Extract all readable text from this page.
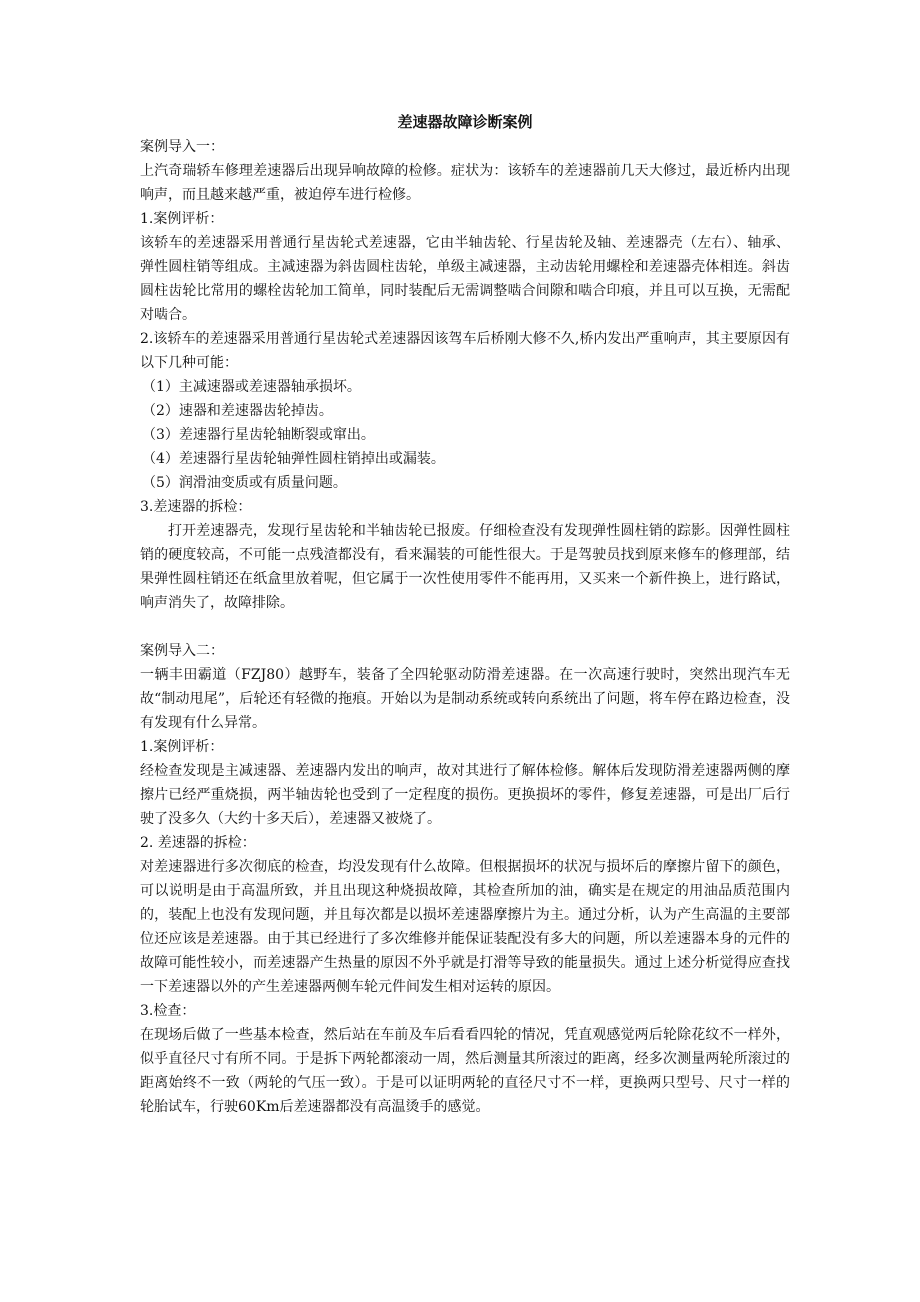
差速器故障诊断案例

案例导入一：

上汽奇瑞轿车修理差速器后出现异响故障的检修。症状为：该轿车的差速器前几天大修过，最近桥内出现响声，而且越来越严重，被迫停车进行检修。

1.案例评析：

该轿车的差速器采用普通行星齿轮式差速器，它由半轴齿轮、行星齿轮及轴、差速器壳（左右）、轴承、弹性圆柱销等组成。主减速器为斜齿圆柱齿轮，单级主减速器，主动齿轮用螺栓和差速器壳体相连。斜齿圆柱齿轮比常用的螺栓齿轮加工简单，同时装配后无需调整啮合间隙和啮合印痕，并且可以互换，无需配对啮合。

2.该轿车的差速器采用普通行星齿轮式差速器因该驾车后桥刚大修不久,桥内发出严重响声，其主要原因有以下几种可能：

（1）主减速器或差速器轴承损坏。

（2）速器和差速器齿轮掉齿。

（3）差速器行星齿轮轴断裂或窜出。

（4）差速器行星齿轮轴弹性圆柱销掉出或漏装。

（5）润滑油变质或有质量问题。

3.差速器的拆检：

打开差速器壳，发现行星齿轮和半轴齿轮已报废。仔细检查没有发现弹性圆柱销的踪影。因弹性圆柱销的硬度较高，不可能一点残渣都没有，看来漏装的可能性很大。于是驾驶员找到原来修车的修理部，结果弹性圆柱销还在纸盒里放着呢，但它属于一次性使用零件不能再用，又买来一个新件换上，进行路试，响声消失了，故障排除。

案例导入二：

一辆丰田霸道（FZJ80）越野车，装备了全四轮驱动防滑差速器。在一次高速行驶时，突然出现汽车无故“制动甩尾”，后轮还有轻微的拖痕。开始以为是制动系统或转向系统出了问题，将车停在路边检查，没有发现有什么异常。

1.案例评析：

经检查发现是主减速器、差速器内发出的响声，故对其进行了解体检修。解体后发现防滑差速器两侧的摩擦片已经严重烧损，两半轴齿轮也受到了一定程度的损伤。更换损坏的零件，修复差速器，可是出厂后行驶了没多久（大约十多天后），差速器又被烧了。

2. 差速器的拆检：

对差速器进行多次彻底的检查，均没发现有什么故障。但根据损坏的状况与损坏后的摩擦片留下的颜色，可以说明是由于高温所致，并且出现这种烧损故障，其检查所加的油，确实是在规定的用油品质范围内的，装配上也没有发现问题，并且每次都是以损坏差速器摩擦片为主。通过分析，认为产生高温的主要部位还应该是差速器。由于其已经进行了多次维修并能保证装配没有多大的问题，所以差速器本身的元件的故障可能性较小，而差速器产生热量的原因不外乎就是打滑等导致的能量损失。通过上述分析觉得应查找一下差速器以外的产生差速器两侧车轮元件间发生相对运转的原因。

3.检查：

在现场后做了一些基本检查，然后站在车前及车后看看四轮的情况，凭直观感觉两后轮除花纹不一样外，似乎直径尺寸有所不同。于是拆下两轮都滚动一周，然后测量其所滚过的距离，经多次测量两轮所滚过的距离始终不一致（两轮的气压一致）。于是可以证明两轮的直径尺寸不一样，更换两只型号、尺寸一样的轮胎试车，行驶60Km后差速器都没有高温烫手的感觉。
